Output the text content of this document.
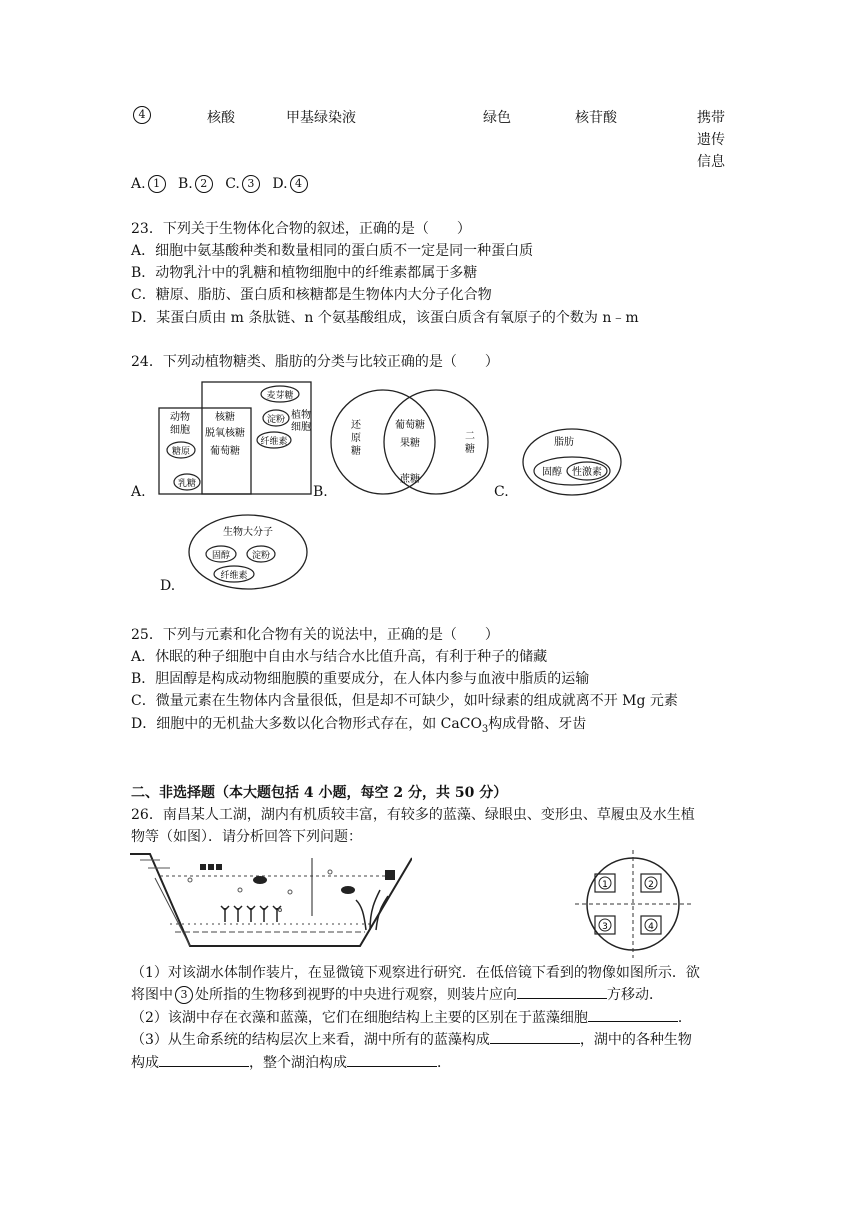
4	核酸	甲基绿染液	绿色	核苷酸	携带
遗传
信息
A. 1 B. 2 C. 3 D. 4
23．下列关于生物体化合物的叙述，正确的是（　　）
A．细胞中氨基酸种类和数量相同的蛋白质不一定是同一种蛋白质
B．动物乳汁中的乳糖和植物细胞中的纤维素都属于多糖
C．糖原、脂肪、蛋白质和核糖都是生物体内大分子化合物
D．某蛋白质由 m 条肽链、n 个氨基酸组成，该蛋白质含有氧原子的个数为 n﹣m
24．下列动植物糖类、脂肪的分类与比较正确的是（　　）
A.
动物
细胞
糖原
乳糖
核糖
脱氧核糖
葡萄糖
麦芽糖
淀粉
纤维素
植物
细胞
B.
还
原
糖
葡萄糖
果糖
蔗糖
二
糖
C.
脂肪
固醇 性激素
D.
生物大分子
固醇 淀粉
纤维素
25．下列与元素和化合物有关的说法中，正确的是（　　）
A．休眠的种子细胞中自由水与结合水比值升高，有利于种子的储藏
B．胆固醇是构成动物细胞膜的重要成分，在人体内参与血液中脂质的运输
C．微量元素在生物体内含量很低，但是却不可缺少，如叶绿素的组成就离不开 Mg 元素
D．细胞中的无机盐大多数以化合物形式存在，如 CaCO$_3$构成骨骼、牙齿
二、非选择题（本大题包括 4 小题，每空 2 分，共 50 分）
26．南昌某人工湖，湖内有机质较丰富，有较多的蓝藻、绿眼虫、变形虫、草履虫及水生植
物等（如图）．请分析回答下列问题：
1	2
3	4
（1）对该湖水体制作装片，在显微镜下观察进行研究．在低倍镜下看到的物像如图所示．欲
将图中 3 处所指的生物移到视野的中央进行观察，则装片应向	方移动．
（2）该湖中存在衣藻和蓝藻，它们在细胞结构上主要的区别在于蓝藻细胞	．
（3）从生命系统的结构层次上来看，湖中所有的蓝藻构成	，湖中的各种生物
构成	，整个湖泊构成	．
